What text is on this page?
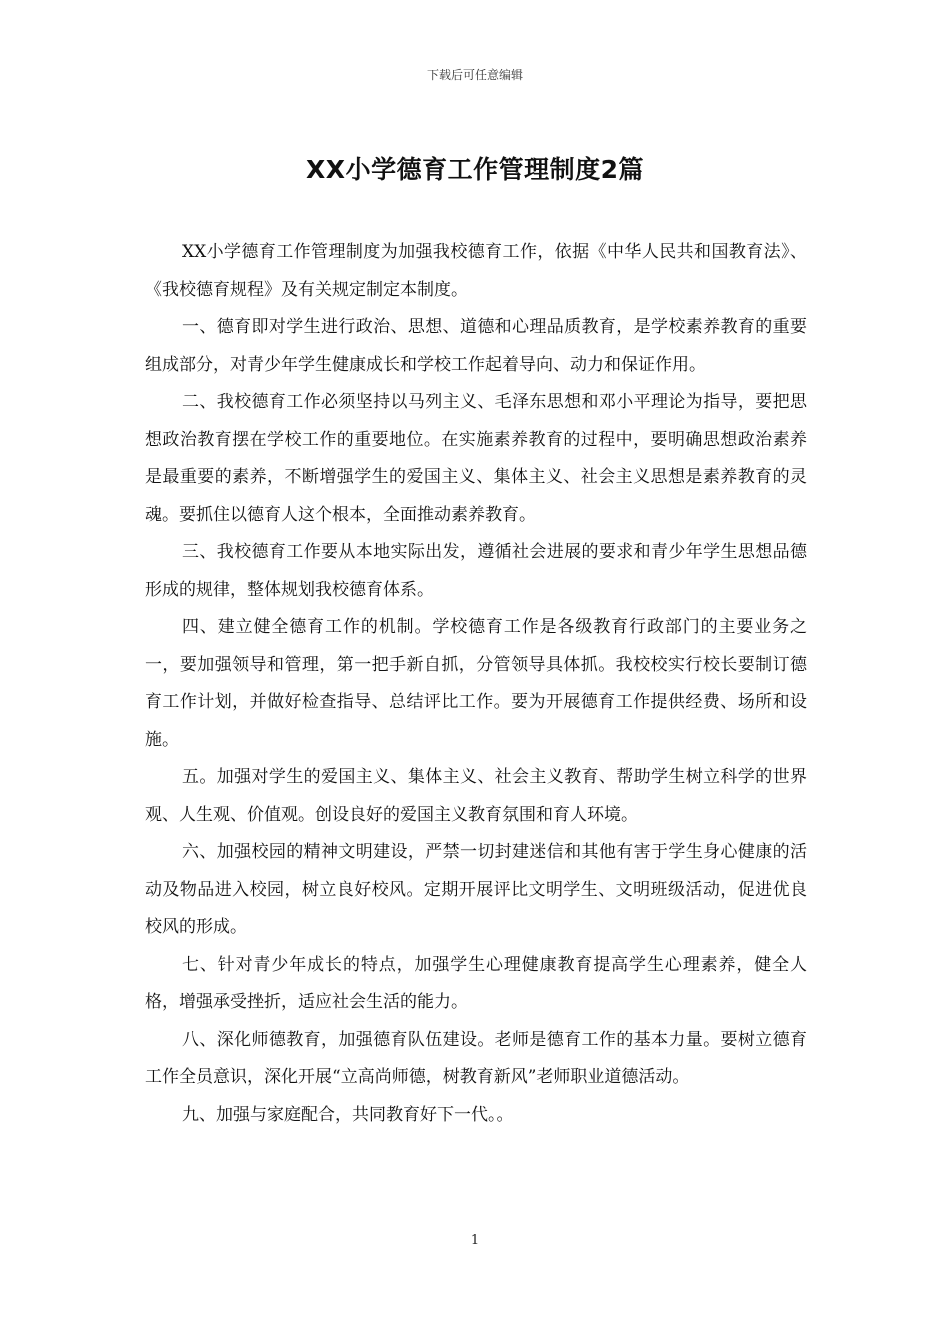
下载后可任意编辑
XX小学德育工作管理制度2篇

XX小学德育工作管理制度为加强我校德育工作，依据《中华人民共和国教育法》、《我校德育规程》及有关规定制定本制度。

一、德育即对学生进行政治、思想、道德和心理品质教育，是学校素养教育的重要组成部分，对青少年学生健康成长和学校工作起着导向、动力和保证作用。

二、我校德育工作必须坚持以马列主义、毛泽东思想和邓小平理论为指导，要把思想政治教育摆在学校工作的重要地位。在实施素养教育的过程中，要明确思想政治素养是最重要的素养，不断增强学生的爱国主义、集体主义、社会主义思想是素养教育的灵魂。要抓住以德育人这个根本，全面推动素养教育。

三、我校德育工作要从本地实际出发，遵循社会进展的要求和青少年学生思想品德形成的规律，整体规划我校德育体系。

四、建立健全德育工作的机制。学校德育工作是各级教育行政部门的主要业务之一，要加强领导和管理，第一把手新自抓，分管领导具体抓。我校校实行校长要制订德育工作计划，并做好检查指导、总结评比工作。要为开展德育工作提供经费、场所和设施。

五。加强对学生的爱国主义、集体主义、社会主义教育、帮助学生树立科学的世界观、人生观、价值观。创设良好的爱国主义教育氛围和育人环境。

六、加强校园的精神文明建设，严禁一切封建迷信和其他有害于学生身心健康的活动及物品进入校园，树立良好校风。定期开展评比文明学生、文明班级活动，促进优良校风的形成。

七、针对青少年成长的特点，加强学生心理健康教育提高学生心理素养，健全人格，增强承受挫折，适应社会生活的能力。

八、深化师德教育，加强德育队伍建设。老师是德育工作的基本力量。要树立德育工作全员意识，深化开展“立高尚师德，树教育新风”老师职业道德活动。

九、加强与家庭配合，共同教育好下一代。。

1
